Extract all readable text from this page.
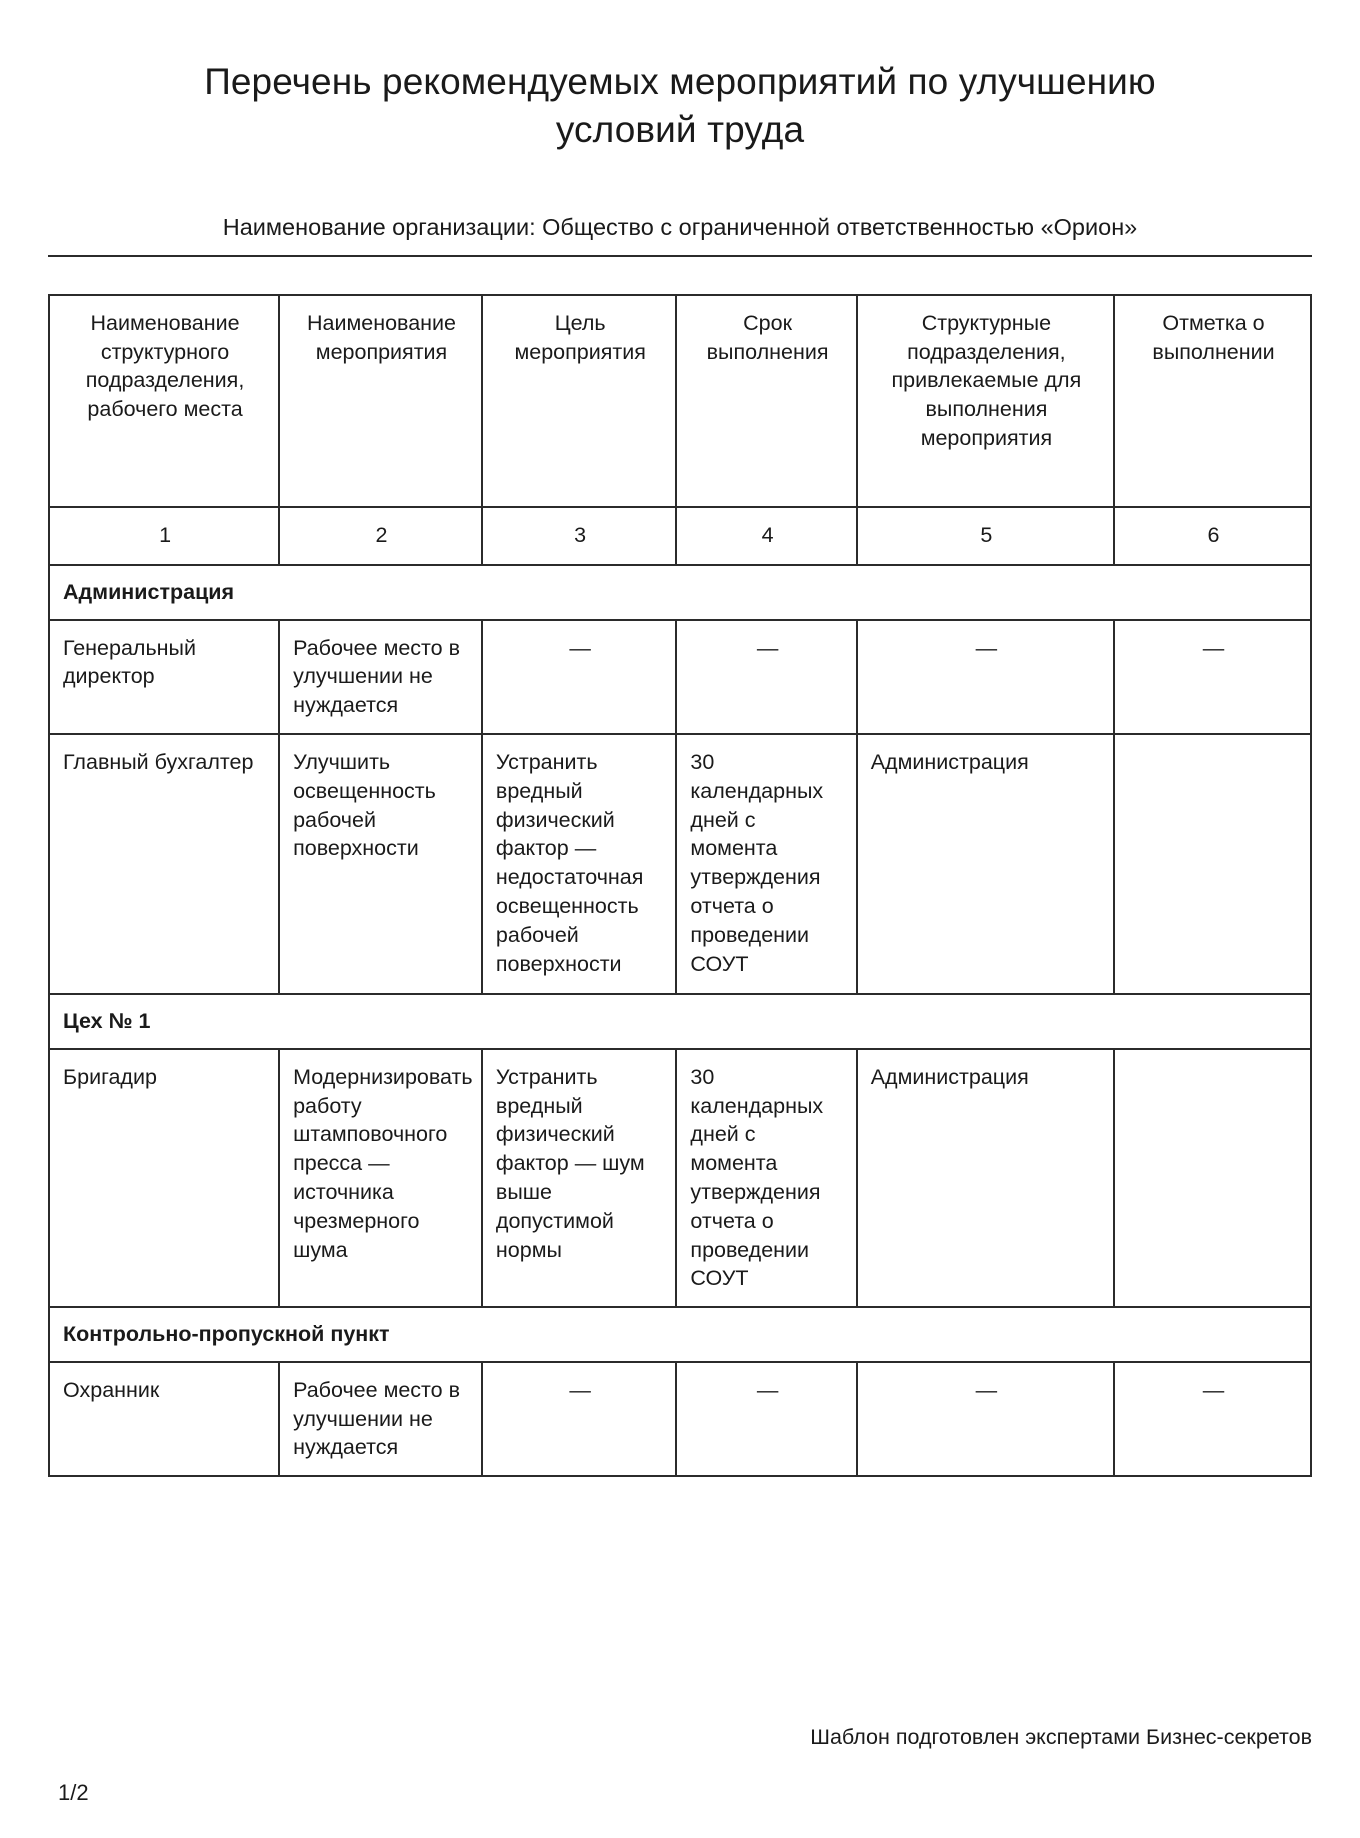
Перечень рекомендуемых мероприятий по улучшению
условий труда
Наименование организации: Общество с ограниченной ответственностью «Орион»
Наименование структурного подразделения, рабочего места	Наименование мероприятия	Цель мероприятия	Срок выполнения	Структурные подразделения, привлекаемые для выполнения мероприятия	Отметка о выполнении
1	2	3	4	5	6
Администрация					
Генеральный директор	Рабочее место в улучшении не нуждается	—	—	—	—
Главный бухгалтер	Улучшить освещенность рабочей поверхности	Устранить вредный физический фактор — недостаточная освещенность рабочей поверхности	30 календарных дней с момента утверждения отчета о проведении СОУТ	Администрация	
Цех № 1					
Бригадир	Модернизировать работу штамповочного пресса — источника чрезмерного шума	Устранить вредный физический фактор — шум выше допустимой нормы	30 календарных дней с момента утверждения отчета о проведении СОУТ	Администрация	
Контрольно-пропускной пункт					
Охранник	Рабочее место в улучшении не нуждается	—	—	—	—
Шаблон подготовлен экспертами Бизнес-секретов
1/2
